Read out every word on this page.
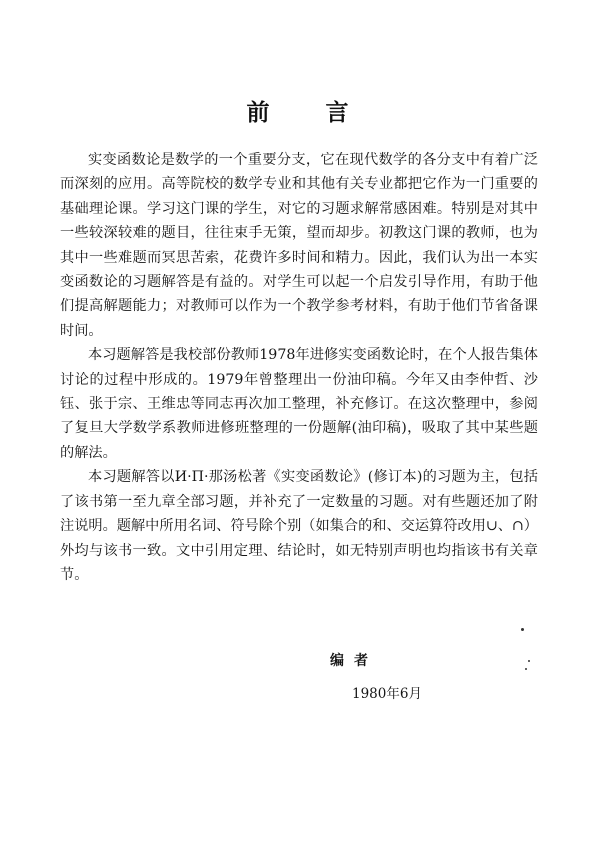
前 言

实变函数论是数学的一个重要分支，它在现代数学的各分支中有着广泛而深刻的应用。高等院校的数学专业和其他有关专业都把它作为一门重要的基础理论课。学习这门课的学生，对它的习题求解常感困难。特别是对其中一些较深较难的题目，往往束手无策，望而却步。初教这门课的教师，也为其中一些难题而冥思苦索，花费许多时间和精力。因此，我们认为出一本实变函数论的习题解答是有益的。对学生可以起一个启发引导作用，有助于他们提高解题能力；对教师可以作为一个教学参考材料，有助于他们节省备课时间。

本习题解答是我校部份教师1978年进修实变函数论时，在个人报告集体讨论的过程中形成的。1979年曾整理出一份油印稿。今年又由李仲哲、沙钰、张于宗、王维忠等同志再次加工整理，补充修订。在这次整理中，参阅了复旦大学数学系教师进修班整理的一份题解(油印稿)，吸取了其中某些题的解法。

本习题解答以И·П·那汤松著《实变函数论》(修订本)的习题为主，包括了该书第一至九章全部习题，并补充了一定数量的习题。对有些题还加了附注说明。题解中所用名词、符号除个别（如集合的和、交运算符改用∪、∩）外均与该书一致。文中引用定理、结论时，如无特别声明也均指该书有关章节。

编者
1980年6月
